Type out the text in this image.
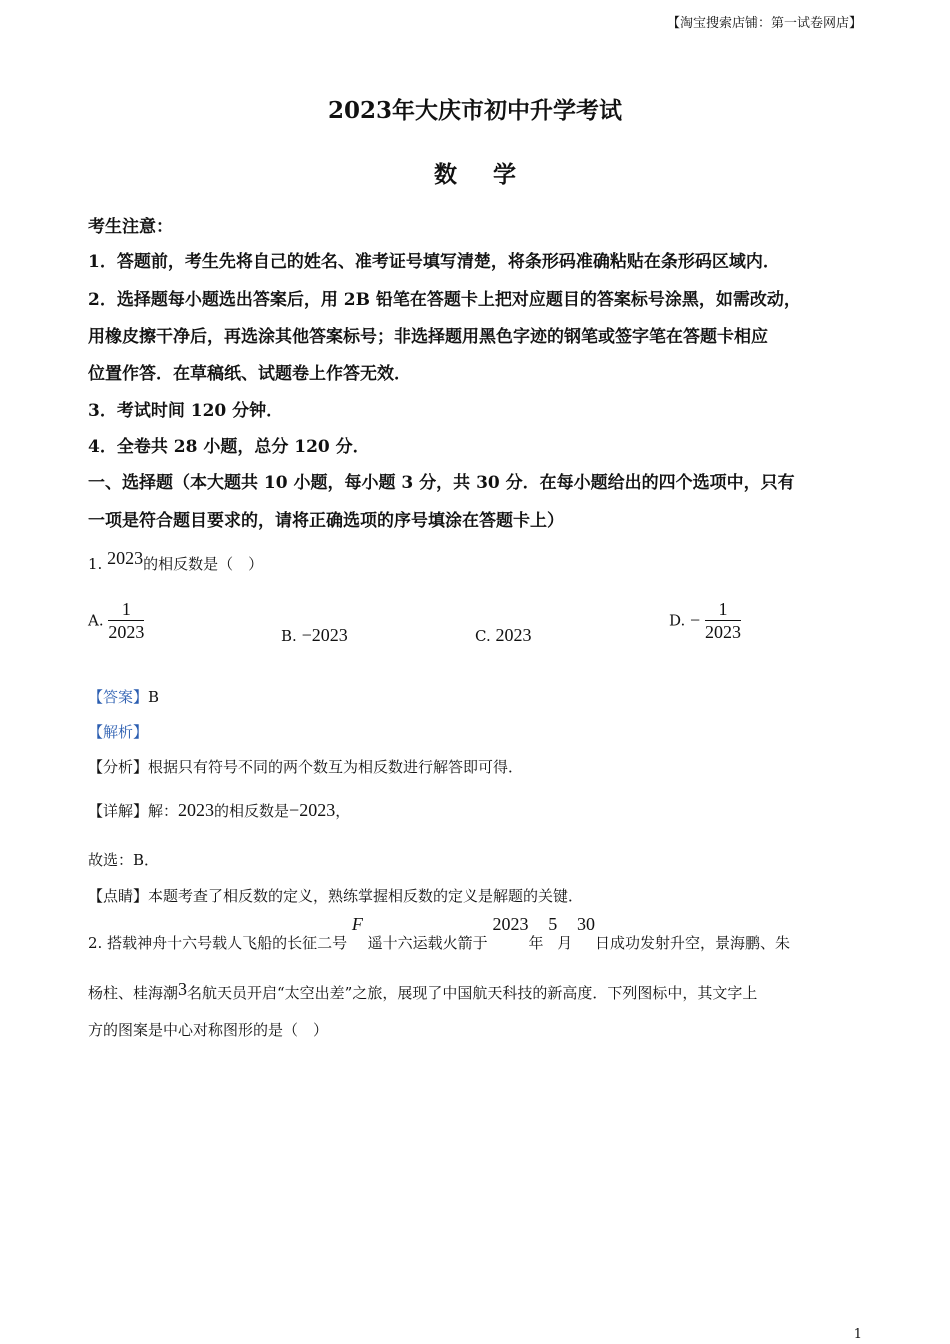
【淘宝搜索店铺：第一试卷网店】
2023年大庆市初中升学考试
数 学
考生注意：
1．答题前，考生先将自己的姓名、准考证号填写清楚，将条形码准确粘贴在条形码区域内．
2．选择题每小题选出答案后，用 2B 铅笔在答题卡上把对应题目的答案标号涂黑，如需改动，
用橡皮擦干净后，再选涂其他答案标号；非选择题用黑色字迹的钢笔或签字笔在答题卡相应
位置作答．在草稿纸、试题卷上作答无效．
3．考试时间 120 分钟．
4．全卷共 28 小题，总分 120 分．
一、选择题（本大题共 10 小题，每小题 3 分，共 30 分．在每小题给出的四个选项中，只有
一项是符合题目要求的，请将正确选项的序号填涂在答题卡上）
1. 2023的相反数是（　）
A. $\frac{1}{2023}$	B. −2023	C. 2023
D. − $\frac{1}{2023}$
【答案】B
【解析】
【分析】根据只有符号不同的两个数互为相反数进行解答即可得．
【详解】解：2023的相反数是−2023，
故选：B．
【点睛】本题考查了相反数的定义，熟练掌握相反数的定义是解题的关键．
2. 搭载神舟十六号载人飞船的长征二号 F 遥十六运载火箭于 2023年 5月 30日成功发射升空，景海鹏、朱
杨柱、桂海潮3名航天员开启“太空出差”之旅，展现了中国航天科技的新高度．下列图标中，其文字上
方的图案是中心对称图形的是（　）
1
